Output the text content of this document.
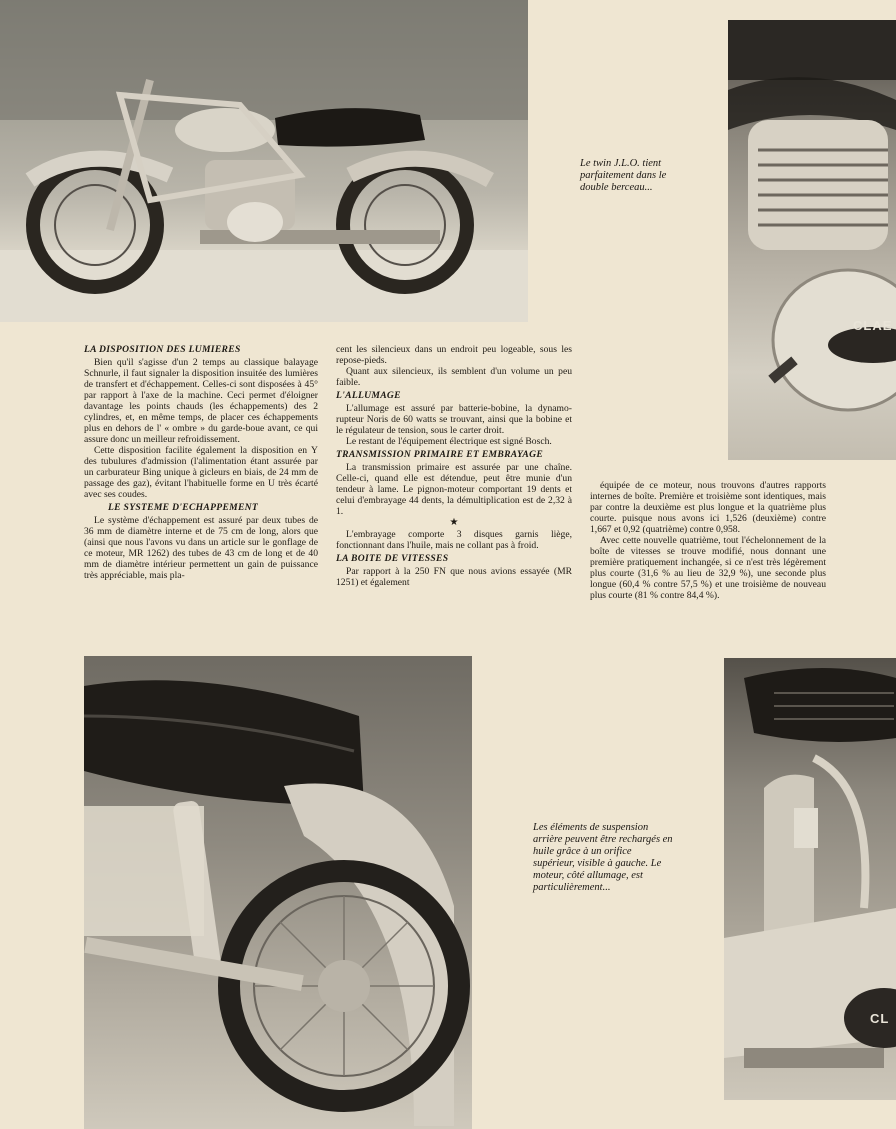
CLAE
Le twin J.L.O. tient parfaitement dans le double berceau...
LA DISPOSITION DES LUMIERES

Bien qu'il s'agisse d'un 2 temps au classique balayage Schnurle, il faut signaler la disposition insuitée des lumières de transfert et d'échappement. Celles-ci sont disposées à 45° par rapport à l'axe de la machine. Ceci permet d'éloigner davantage les points chauds (les échappements) des 2 cylindres, et, en même temps, de placer ces échappements plus en dehors de l' « ombre » du garde-boue avant, ce qui assure donc un meilleur refroidissement.

Cette disposition facilite également la disposition en Y des tubulures d'admission (l'alimentation étant assurée par un carburateur Bing unique à gicleurs en biais, de 24 mm de passage des gaz), évitant l'habituelle forme en U très écarté avec ses coudes.

LE SYSTEME D'ECHAPPEMENT

Le système d'échappement est assuré par deux tubes de 36 mm de diamètre interne et de 75 cm de long, alors que (ainsi que nous l'avons vu dans un article sur le gonflage de ce moteur, MR 1262) des tubes de 43 cm de long et de 40 mm de diamètre intérieur permettent un gain de puissance très appréciable, mais pla-

cent les silencieux dans un endroit peu logeable, sous les repose-pieds.

Quant aux silencieux, ils semblent d'un volume un peu faible.

L'ALLUMAGE

L'allumage est assuré par batterie-bobine, la dynamo-rupteur Noris de 60 watts se trouvant, ainsi que la bobine et le régulateur de tension, sous le carter droit.

Le restant de l'équipement électrique est signé Bosch.

TRANSMISSION PRIMAIRE ET EMBRAYAGE

La transmission primaire est assurée par une chaîne. Celle-ci, quand elle est détendue, peut être munie d'un tendeur à lame. Le pignon-moteur comportant 19 dents et celui d'embrayage 44 dents, la démultiplication est de 2,32 à 1.

★

L'embrayage comporte 3 disques garnis liège, fonctionnant dans l'huile, mais ne collant pas à froid.

LA BOITE DE VITESSES

Par rapport à la 250 FN que nous avions essayée (MR 1251) et également

équipée de ce moteur, nous trouvons d'autres rapports internes de boîte. Première et troisième sont identiques, mais par contre la deuxième est plus longue et la quatrième plus courte. puisque nous avons ici 1,526 (deuxième) contre 1,667 et 0,92 (quatrième) contre 0,958.

Avec cette nouvelle quatrième, tout l'échelonnement de la boîte de vitesses se trouve modifié, nous donnant une première pratiquement inchangée, si ce n'est très légèrement plus courte (31,6 % au lieu de 32,9 %), une seconde plus longue (60,4 % contre 57,5 %) et une troisième de nouveau plus courte (81 % contre 84,4 %).

Les éléments de suspension arrière peuvent être rechargés en huile grâce à un orifice supérieur, visible à gauche. Le moteur, côté allumage, est particulièrement...
CL
